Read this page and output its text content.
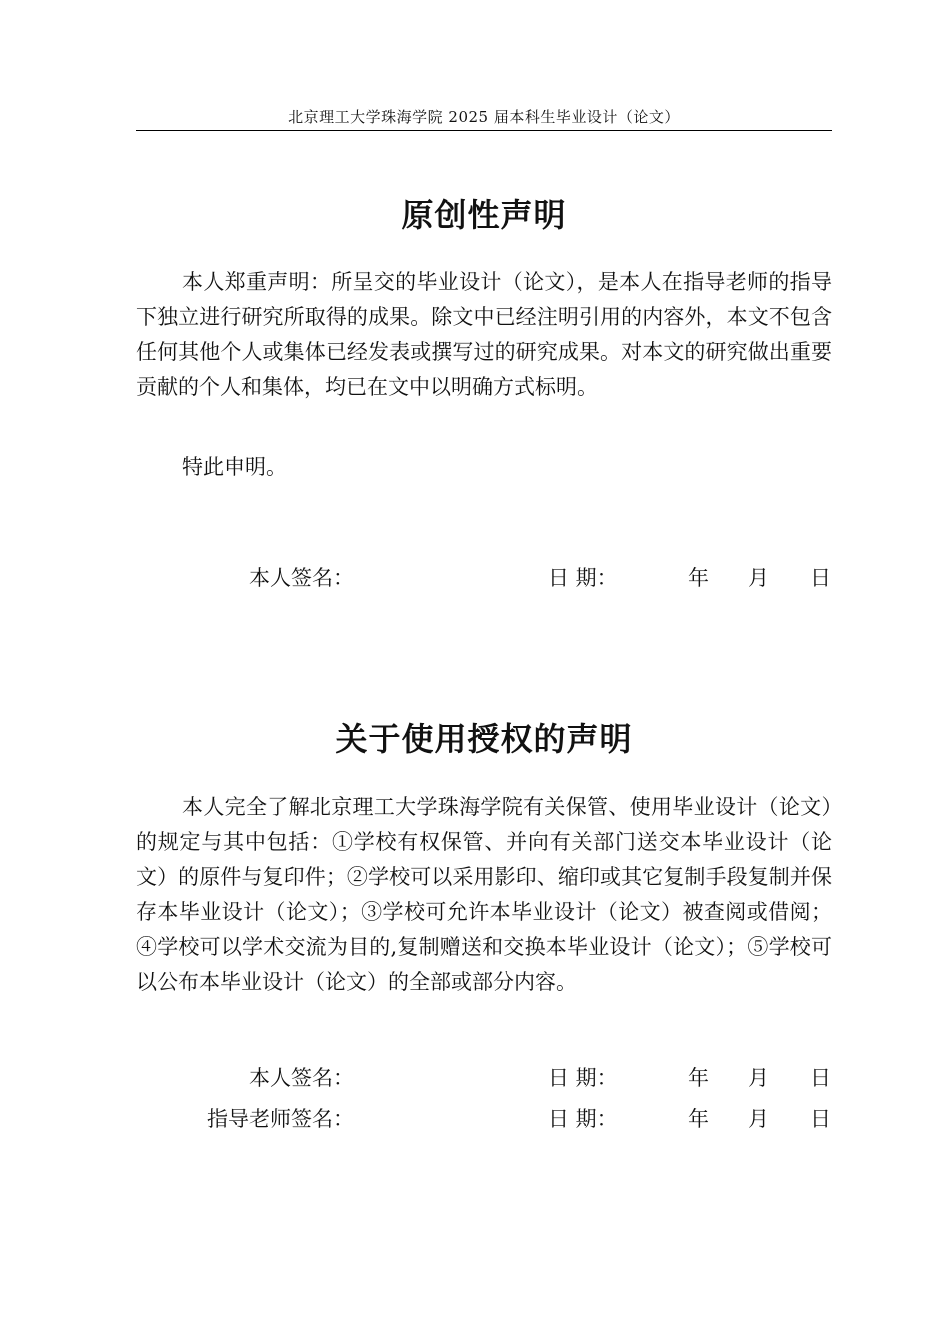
北京理工大学珠海学院 2025 届本科生毕业设计（论文）
原创性声明

本人郑重声明：所呈交的毕业设计（论文），是本人在指导老师的指导下独立进行研究所取得的成果。除文中已经注明引用的内容外，本文不包含任何其他个人或集体已经发表或撰写过的研究成果。对本文的研究做出重要贡献的个人和集体，均已在文中以明确方式标明。

特此申明。

本人签名：	日 期：	年 月 日
关于使用授权的声明

本人完全了解北京理工大学珠海学院有关保管、使用毕业设计（论文）的规定与其中包括：①学校有权保管、并向有关部门送交本毕业设计（论文）的原件与复印件；②学校可以采用影印、缩印或其它复制手段复制并保存本毕业设计（论文）；③学校可允许本毕业设计（论文）被查阅或借阅；④学校可以学术交流为目的,复制赠送和交换本毕业设计（论文）；⑤学校可以公布本毕业设计（论文）的全部或部分内容。

本人签名：	日 期：	年 月 日
指导老师签名：	日 期：	年 月 日
